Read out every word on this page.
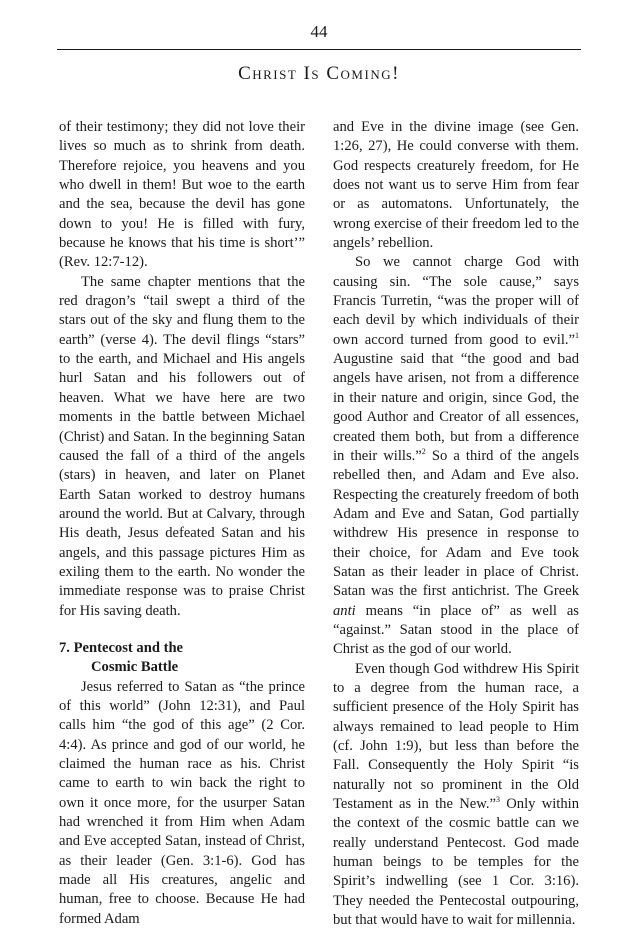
44
Christ Is Coming!

of their testimony; they did not love their lives so much as to shrink from death. Therefore rejoice, you heavens and you who dwell in them! But woe to the earth and the sea, because the devil has gone down to you! He is filled with fury, because he knows that his time is short’” (Rev. 12:7-12).

The same chapter mentions that the red dragon’s “tail swept a third of the stars out of the sky and flung them to the earth” (verse 4). The devil flings “stars” to the earth, and Michael and His angels hurl Satan and his followers out of heaven. What we have here are two moments in the battle between Michael (Christ) and Satan. In the beginning Satan caused the fall of a third of the angels (stars) in heaven, and later on Planet Earth Satan worked to destroy humans around the world. But at Calvary, through His death, Jesus defeated Satan and his angels, and this passage pictures Him as exiling them to the earth. No wonder the immediate response was to praise Christ for His saving death.

7. Pentecost and the

Cosmic Battle

Jesus referred to Satan as “the prince of this world” (John 12:31), and Paul calls him “the god of this age” (2 Cor. 4:4). As prince and god of our world, he claimed the human race as his. Christ came to earth to win back the right to own it once more, for the usurper Satan had wrenched it from Him when Adam and Eve accepted Satan, instead of Christ, as their leader (Gen. 3:1-6). God has made all His creatures, angelic and human, free to choose. Because He had formed Adam

and Eve in the divine image (see Gen. 1:26, 27), He could converse with them. God respects creaturely freedom, for He does not want us to serve Him from fear or as automatons. Unfortunately, the wrong exercise of their freedom led to the angels’ rebellion.

So we cannot charge God with causing sin. “The sole cause,” says Francis Turretin, “was the proper will of each devil by which individuals of their own accord turned from good to evil.”$^1$ Augustine said that “the good and bad angels have arisen, not from a difference in their nature and origin, since God, the good Author and Creator of all essences, created them both, but from a difference in their wills.”$^2$ So a third of the angels rebelled then, and Adam and Eve also. Respecting the creaturely freedom of both Adam and Eve and Satan, God partially withdrew His presence in response to their choice, for Adam and Eve took Satan as their leader in place of Christ. Satan was the first antichrist. The Greek anti means “in place of” as well as “against.” Satan stood in the place of Christ as the god of our world.

Even though God withdrew His Spirit to a degree from the human race, a sufficient presence of the Holy Spirit has always remained to lead people to Him (cf. John 1:9), but less than before the Fall. Consequently the Holy Spirit “is naturally not so prominent in the Old Testament as in the New.”$^3$ Only within the context of the cosmic battle can we really understand Pentecost. God made human beings to be temples for the Spirit’s indwelling (see 1 Cor. 3:16). They needed the Pentecostal outpouring, but that would have to wait for millennia.
